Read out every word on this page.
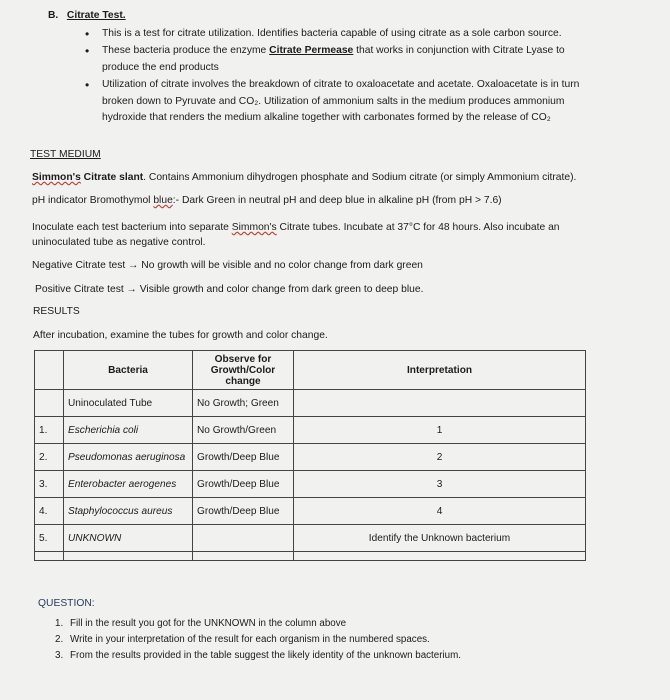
B. Citrate Test.
• This is a test for citrate utilization. Identifies bacteria capable of using citrate as a sole carbon source.
• These bacteria produce the enzyme Citrate Permease that works in conjunction with Citrate Lyase to produce the end products
• Utilization of citrate involves the breakdown of citrate to oxaloacetate and acetate. Oxaloacetate is in turn broken down to Pyruvate and CO₂. Utilization of ammonium salts in the medium produces ammonium hydroxide that renders the medium alkaline together with carbonates formed by the release of CO₂
TEST MEDIUM
Simmon's Citrate slant. Contains Ammonium dihydrogen phosphate and Sodium citrate (or simply Ammonium citrate).
pH indicator Bromothymol blue:- Dark Green in neutral pH and deep blue in alkaline pH (from pH > 7.6)
Inoculate each test bacterium into separate Simmon's Citrate tubes. Incubate at 37°C for 48 hours. Also incubate an
uninoculated tube as negative control.
Negative Citrate test → No growth will be visible and no color change from dark green
Positive Citrate test → Visible growth and color change from dark green to deep blue.
RESULTS
After incubation, examine the tubes for growth and color change.
	Bacteria	Observe for
Growth/Color change	Interpretation
	Uninoculated Tube	No Growth; Green	
1.	Escherichia coli	No Growth/Green	1
2.	Pseudomonas aeruginosa	Growth/Deep Blue	2
3.	Enterobacter aerogenes	Growth/Deep Blue	3
4.	Staphylococcus aureus	Growth/Deep Blue	4
5.	UNKNOWN		Identify the Unknown bacterium

QUESTION:
1. Fill in the result you got for the UNKNOWN in the column above
2. Write in your interpretation of the result for each organism in the numbered spaces.
3. From the results provided in the table suggest the likely identity of the unknown bacterium.
